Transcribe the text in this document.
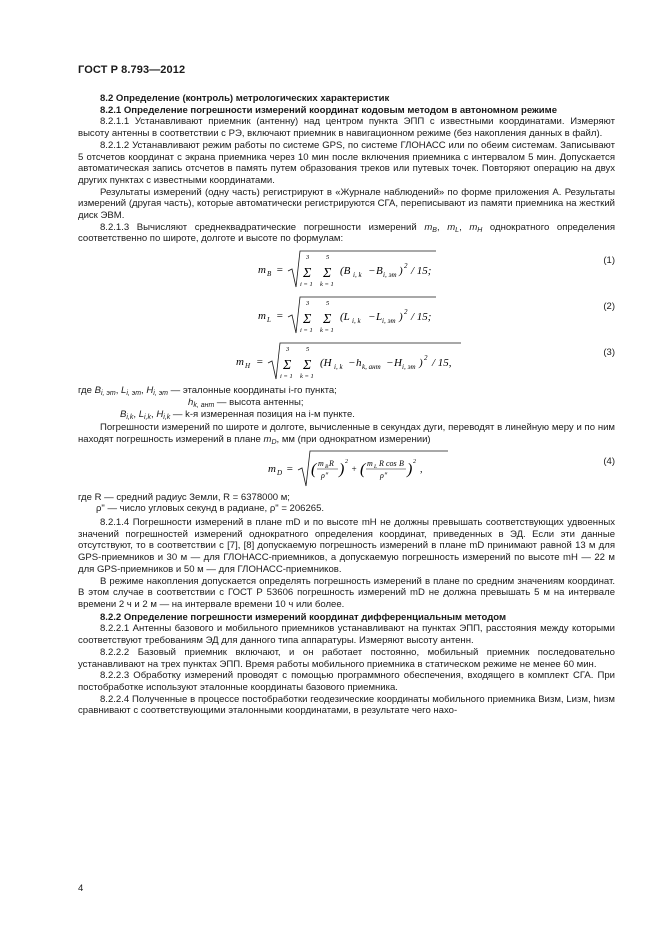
ГОСТ Р 8.793—2012

8.2 Определение (контроль) метрологических характеристик

8.2.1 Определение погрешности измерений координат кодовым методом в автономном режиме

8.2.1.1 Устанавливают приемник (антенну) над центром пункта ЭПП с известными координатами. Измеряют высоту антенны в соответствии с РЭ, включают приемник в навигационном режиме (без накопления данных в файл).

8.2.1.2 Устанавливают режим работы по системе GPS, по системе ГЛОНАСС или по обеим системам. Записывают 5 отсчетов координат с экрана приемника через 10 мин после включения приемника с интервалом 5 мин. Допускается автоматическая запись отсчетов в память путем образования треков или путевых точек. Повторяют операцию на двух других пунктах с известными координатами.

Результаты измерений (одну часть) регистрируют в «Журнале наблюдений» по форме приложения А. Результаты измерений (другая часть), которые автоматически регистрируются СГА, переписывают из памяти приемника на жесткий диск ЭВМ.

8.2.1.3 Вычисляют среднеквадратические погрешности измерений $m_B$, $m_L$, $m_H$ однократного определения соответственно по широте, долготе и высоте по формулам:

m B =
3
Σ
i = 1
5
Σ
k = 1
(B i, k − B i, эт ) 2 / 15;
(1)
m L =
3
Σ
i = 1
5
Σ
k = 1
(L i, k − L i, эт ) 2 / 15;
(2)
m H =
3
Σ
i = 1
5
Σ
k = 1
(H i, k − h k, ант − H i, эт ) 2 / 15,
(3)
где $B_{i, эт}$, $L_{i, эт}$, $H_{i, эт}$ — эталонные координаты i-го пункта;
$h_{k, ант}$ — высота антенны;
$B_{i,k}$, $L_{i,k}$, $H_{i,k}$ — k-я измеренная позиция на i-м пункте.

Погрешности измерений по широте и долготе, вычисленные в секундах дуги, переводят в линейную меру и по ним находят погрешность измерений в плане $m_D$, мм (при однократном измерении)

m D = ( m B R
ρ" ) 2
+ ( m L R cos B
ρ" ) 2
,
(4)
где R — средний радиус Земли, R = 6378000 м;
ρ" — число угловых секунд в радиане, ρ" = 206265.

8.2.1.4 Погрешности измерений в плане mD и по высоте mH не должны превышать соответствующих удвоенных значений погрешностей измерений однократного определения координат, приведенных в ЭД. Если эти данные отсутствуют, то в соответствии с [7], [8] допускаемую погрешность измерений в плане mD принимают равной 13 м для GPS-приемников и 30 м — для ГЛОНАСС-приемников, а допускаемую погрешность измерений по высоте mH — 22 м для GPS-приемников и 50 м — для ГЛОНАСС-приемников.

В режиме накопления допускается определять погрешность измерений в плане по средним значениям координат. В этом случае в соответствии с ГОСТ Р 53606 погрешность измерений mD не должна превышать 5 м на интервале времени 2 ч и 2 м — на интервале времени 10 ч или более.

8.2.2 Определение погрешности измерений координат дифференциальным методом

8.2.2.1 Антенны базового и мобильного приемников устанавливают на пунктах ЭПП, расстояния между которыми соответствуют требованиям ЭД для данного типа аппаратуры. Измеряют высоту антенн.

8.2.2.2 Базовый приемник включают, и он работает постоянно, мобильный приемник последовательно устанавливают на трех пунктах ЭПП. Время работы мобильного приемника в статическом режиме не менее 60 мин.

8.2.2.3 Обработку измерений проводят с помощью программного обеспечения, входящего в комплект СГА. При постобработке используют эталонные координаты базового приемника.

8.2.2.4 Полученные в процессе постобработки геодезические координаты мобильного приемника Bизм, Lизм, hизм сравнивают с соответствующими эталонными координатами, в результате чего нахо-

4
